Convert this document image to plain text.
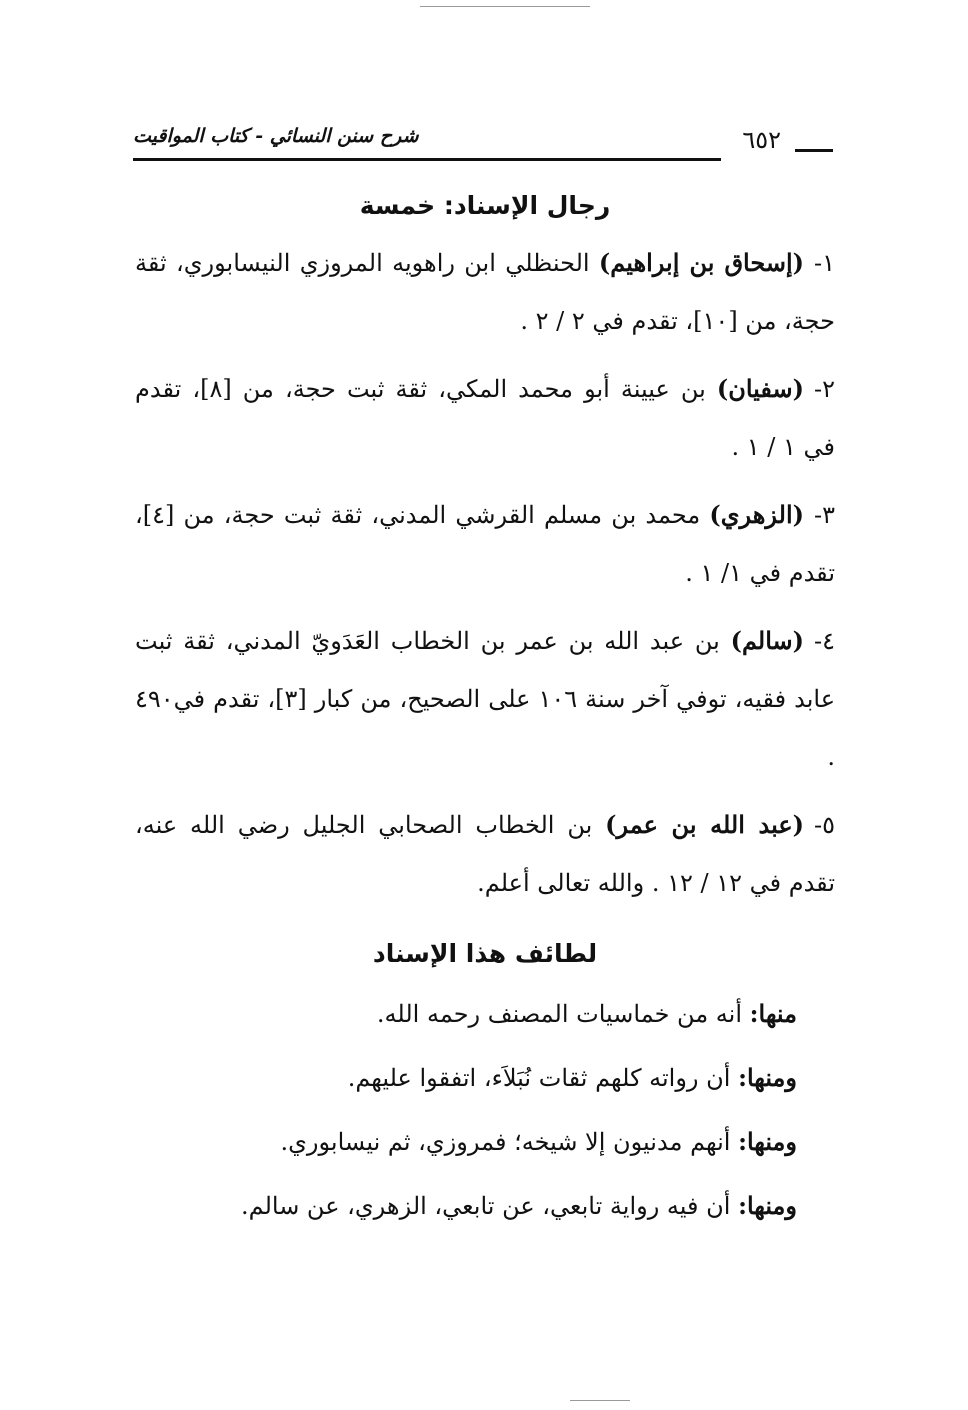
٦٥٢
شرح سنن النسائي - كتاب المواقيت
رجال الإسناد: خمسة

١-(إسحاق بن إبراهيم) الحنظلي ابن راهويه المروزي النيسابوري، ثقة حجة، من [١٠]، تقدم في ٢ / ٢ .

٢-(سفيان) بن عيينة أبو محمد المكي، ثقة ثبت حجة، من [٨]، تقدم في ١ / ١ .

٣-(الزهري) محمد بن مسلم القرشي المدني، ثقة ثبت حجة، من [٤]، تقدم في ١/ ١ .

٤-(سالم) بن عبد الله بن عمر بن الخطاب العَدَويّ المدني، ثقة ثبت عابد فقيه، توفي آخر سنة ١٠٦ على الصحيح، من كبار [٣]، تقدم في٤٩٠ .

٥-(عبد الله بن عمر) بن الخطاب الصحابي الجليل رضي الله عنه، تقدم في ١٢ / ١٢ . والله تعالى أعلم.

لطائف هذا الإسناد

منها: أنه من خماسيات المصنف رحمه الله.

ومنها: أن رواته كلهم ثقات نُبَلاَء، اتفقوا عليهم.

ومنها: أنهم مدنيون إلا شيخه؛ فمروزي، ثم نيسابوري.

ومنها: أن فيه رواية تابعي، عن تابعي، الزهري، عن سالم.
